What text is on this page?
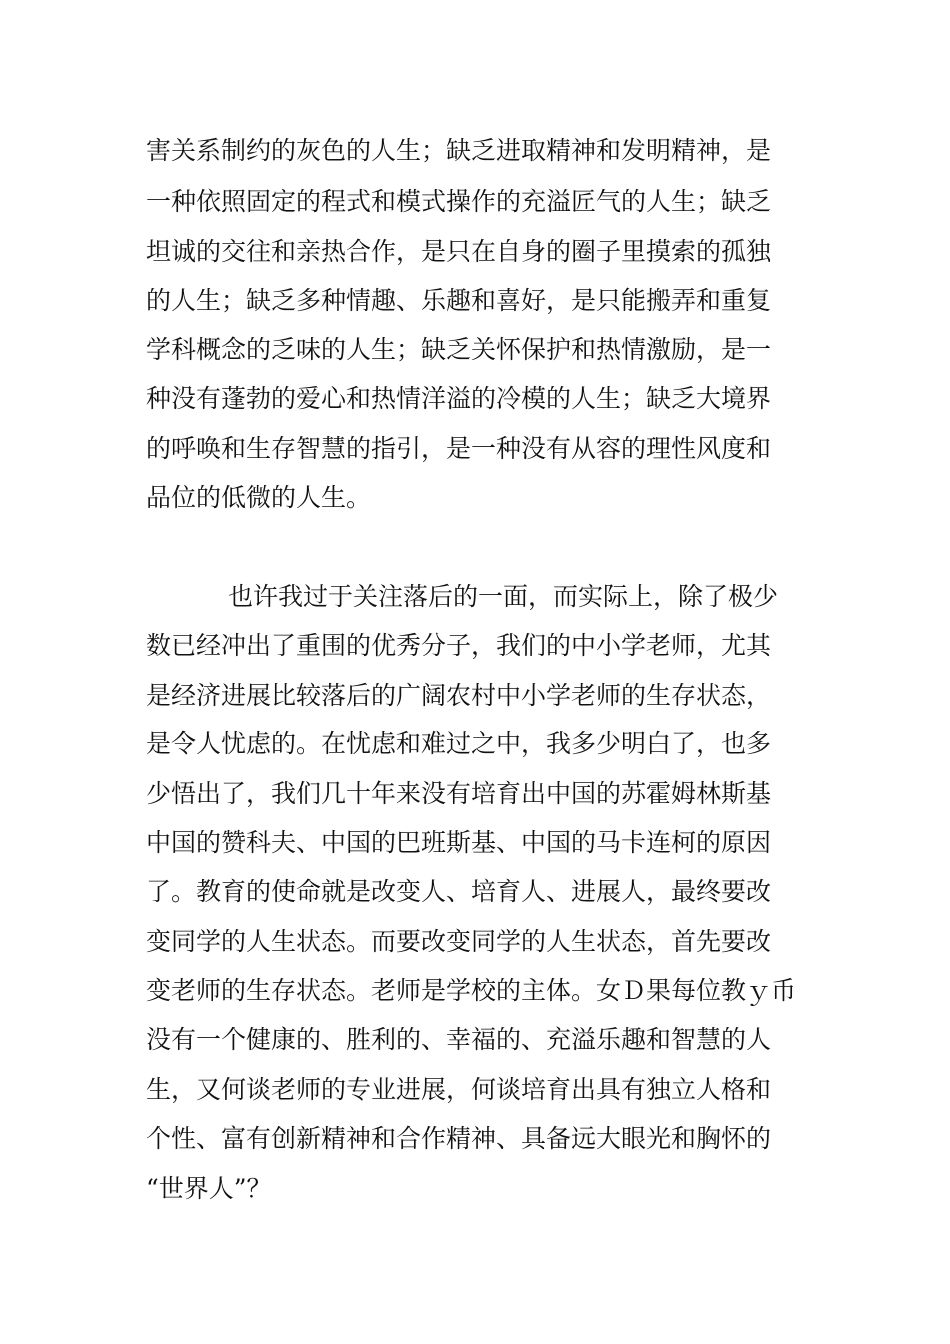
害关系制约的灰色的人生；缺乏进取精神和发明精神，是
一种依照固定的程式和模式操作的充溢匠气的人生；缺乏
坦诚的交往和亲热合作，是只在自身的圈子里摸索的孤独
的人生；缺乏多种情趣、乐趣和喜好，是只能搬弄和重复
学科概念的乏味的人生；缺乏关怀保护和热情激励，是一
种没有蓬勃的爱心和热情洋溢的冷模的人生；缺乏大境界
的呼唤和生存智慧的指引，是一种没有从容的理性风度和
品位的低微的人生。
也许我过于关注落后的一面，而实际上，除了极少
数已经冲出了重围的优秀分子，我们的中小学老师，尤其
是经济进展比较落后的广阔农村中小学老师的生存状态，
是令人忧虑的。在忧虑和难过之中，我多少明白了，也多
少悟出了，我们几十年来没有培育出中国的苏霍姆林斯基
中国的赞科夫、中国的巴班斯基、中国的马卡连柯的原因
了。教育的使命就是改变人、培育人、进展人，最终要改
变同学的人生状态。而要改变同学的人生状态，首先要改
变老师的生存状态。老师是学校的主体。女Ｄ果每位教ｙ币
没有一个健康的、胜利的、幸福的、充溢乐趣和智慧的人
生，又何谈老师的专业进展，何谈培育出具有独立人格和
个性、富有创新精神和合作精神、具备远大眼光和胸怀的
“世界人”？
